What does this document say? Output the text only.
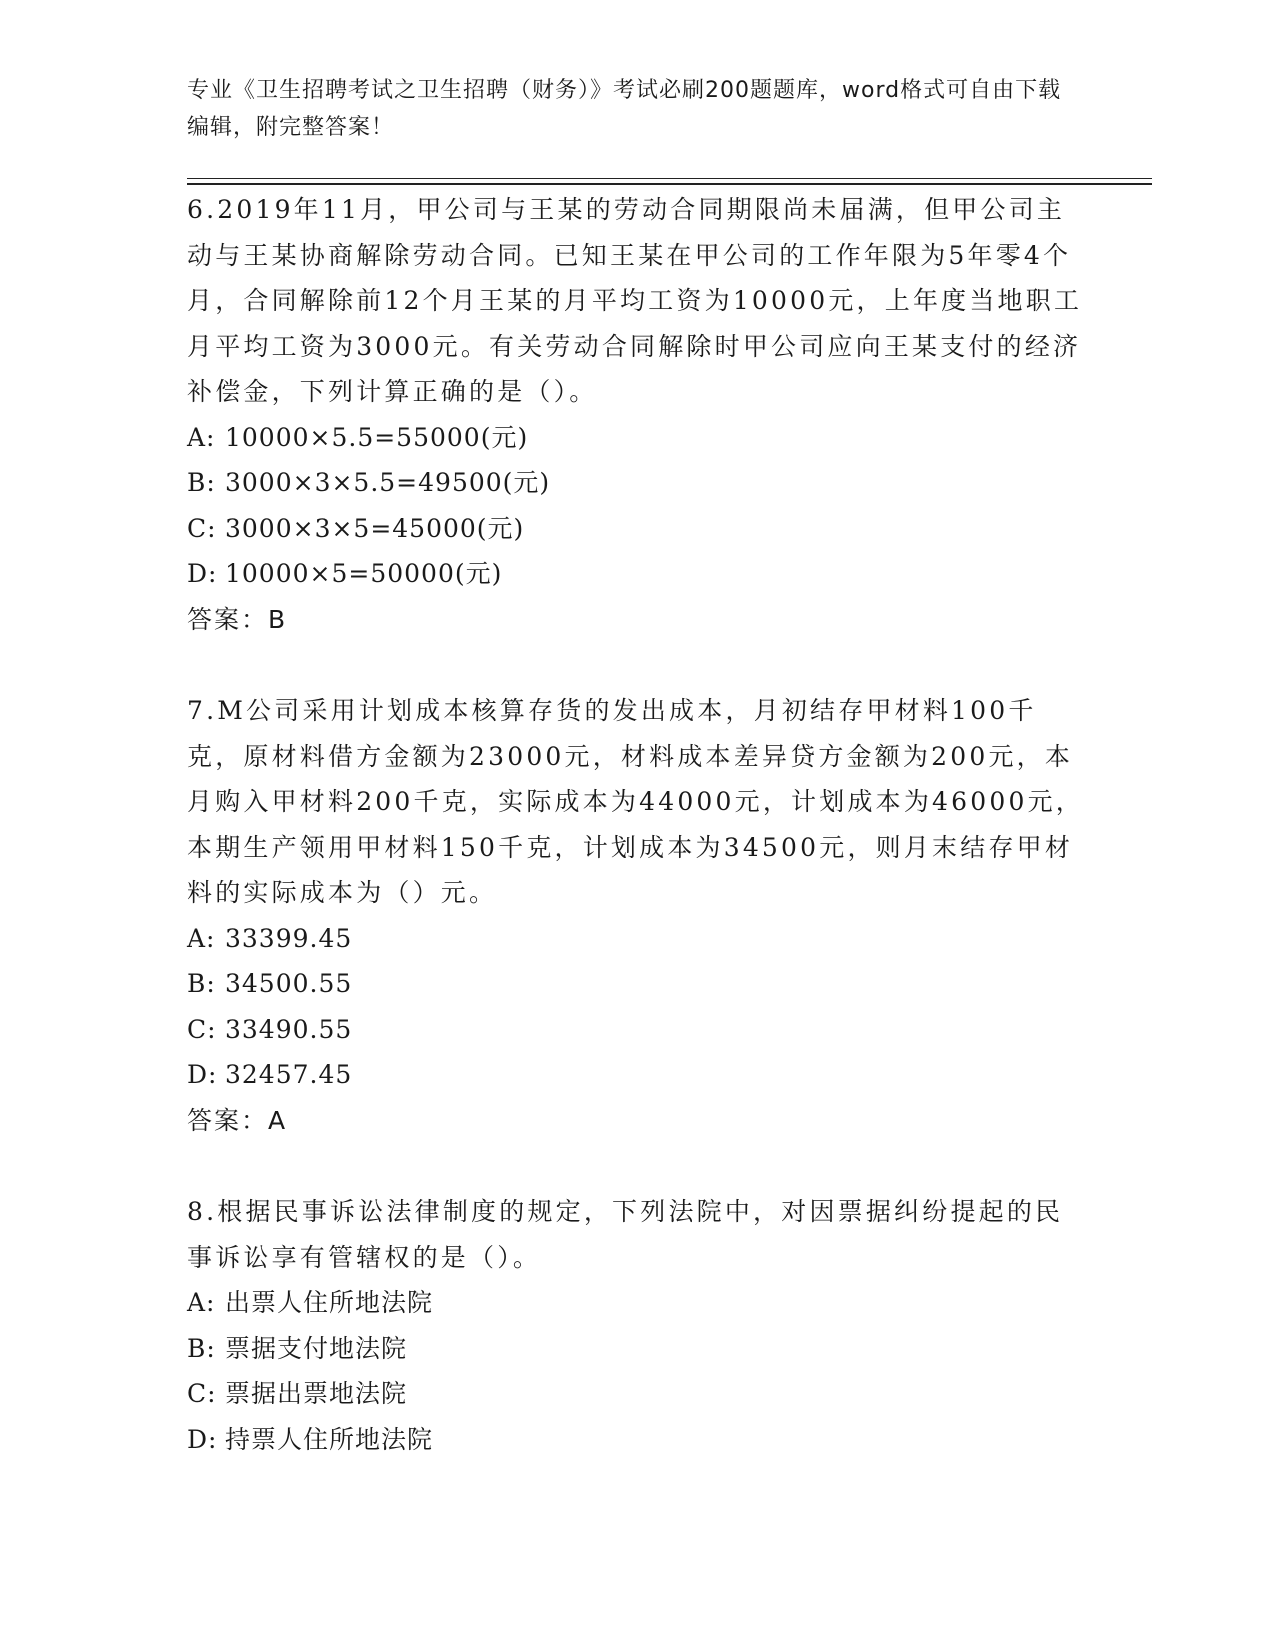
专业《卫生招聘考试之卫生招聘（财务）》考试必刷200题题库，word格式可自由下载编辑，附完整答案！
6.2019年11月，甲公司与王某的劳动合同期限尚未届满，但甲公司主动与王某协商解除劳动合同。已知王某在甲公司的工作年限为5年零4个月，合同解除前12个月王某的月平均工资为10000元，上年度当地职工月平均工资为3000元。有关劳动合同解除时甲公司应向王某支付的经济补偿金，下列计算正确的是（）。
A: 10000×5.5=55000(元)
B: 3000×3×5.5=49500(元)
C: 3000×3×5=45000(元)
D: 10000×5=50000(元)
答案：B
7.M公司采用计划成本核算存货的发出成本，月初结存甲材料100千克，原材料借方金额为23000元，材料成本差异贷方金额为200元，本月购入甲材料200千克，实际成本为44000元，计划成本为46000元，本期生产领用甲材料150千克，计划成本为34500元，则月末结存甲材料的实际成本为（）元。
A: 33399.45
B: 34500.55
C: 33490.55
D: 32457.45
答案：A
8.根据民事诉讼法律制度的规定，下列法院中，对因票据纠纷提起的民事诉讼享有管辖权的是（）。
A: 出票人住所地法院
B: 票据支付地法院
C: 票据出票地法院
D: 持票人住所地法院
